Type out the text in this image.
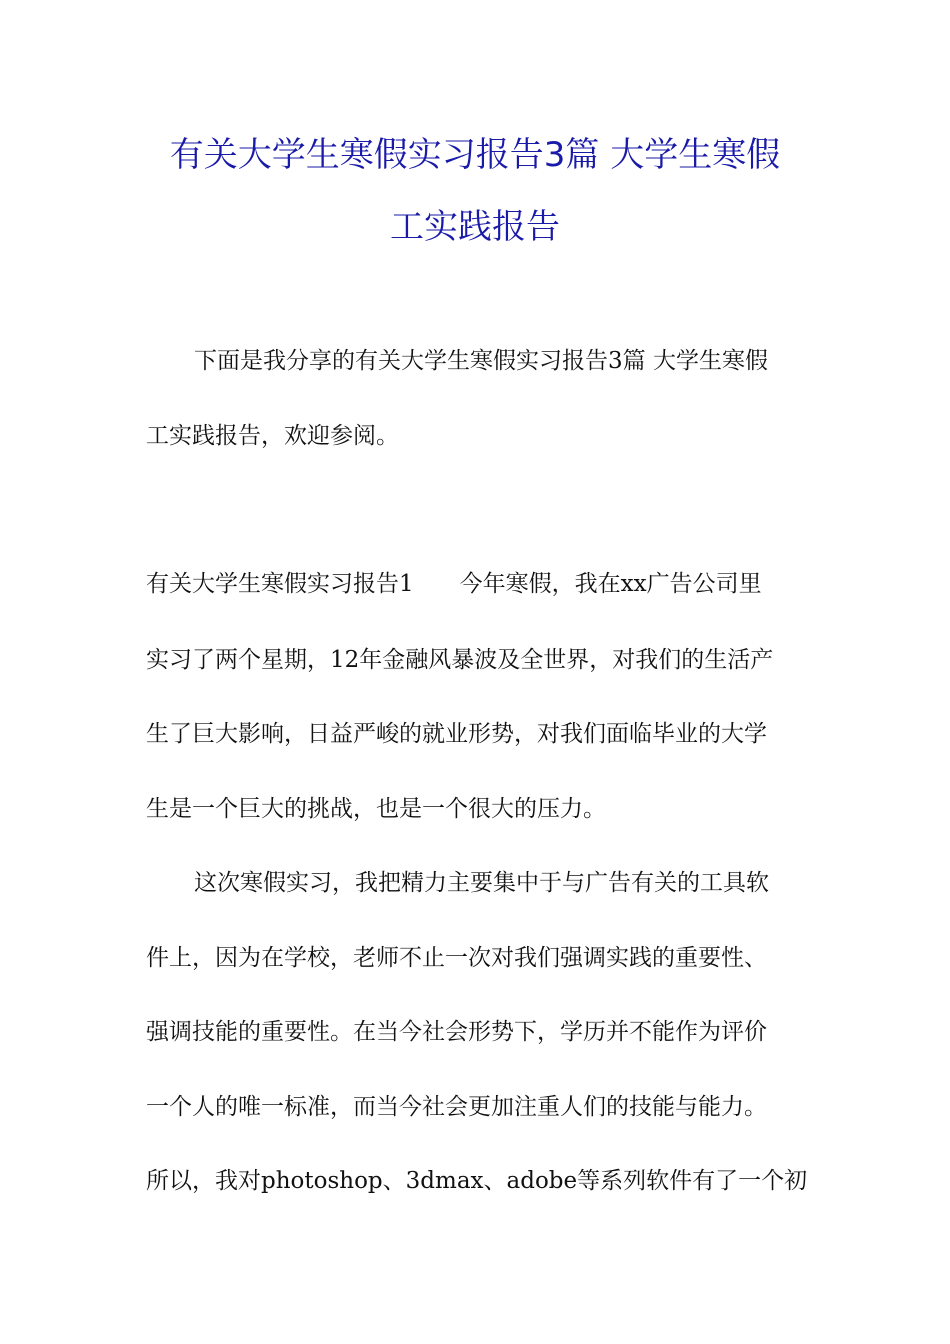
有关大学生寒假实习报告3篇 大学生寒假
工实践报告
下面是我分享的有关大学生寒假实习报告3篇 大学生寒假
工实践报告，欢迎参阅。
有关大学生寒假实习报告1　　今年寒假，我在xx广告公司里
实习了两个星期，12年金融风暴波及全世界，对我们的生活产
生了巨大影响，日益严峻的就业形势，对我们面临毕业的大学
生是一个巨大的挑战，也是一个很大的压力。
这次寒假实习，我把精力主要集中于与广告有关的工具软
件上，因为在学校，老师不止一次对我们强调实践的重要性、
强调技能的重要性。在当今社会形势下，学历并不能作为评价
一个人的唯一标准，而当今社会更加注重人们的技能与能力。
所以，我对photoshop、3dmax、adobe等系列软件有了一个初
